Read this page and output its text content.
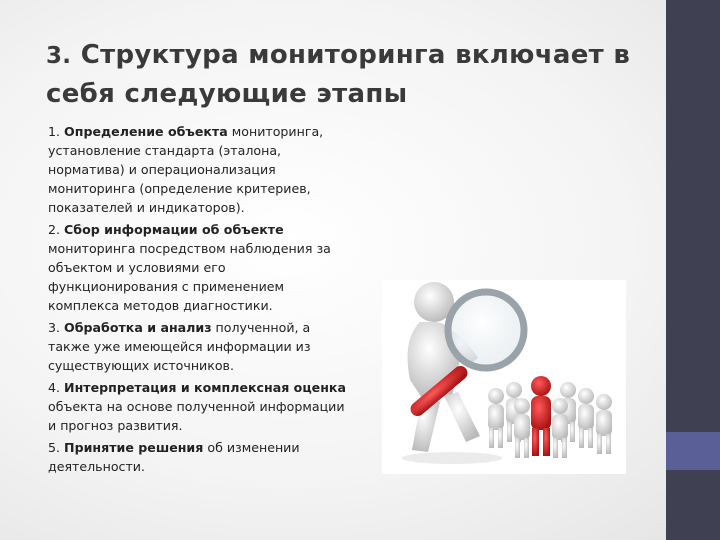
3. Структура мониторинга включает в
себя следующие этапы
1. Определение объекта мониторинга, установление стандарта (эталона, норматива) и операционализация мониторинга (определение критериев, показателей и индикаторов).
2. Сбор информации об объекте мониторинга посредством наблюдения за объектом и условиями его функционирования с применением комплекса методов диагностики.
3. Обработка и анализ полученной, а также уже имеющейся информации из существующих источников.
4. Интерпретация и комплексная оценка объекта на основе полученной информации и прогноз развития.
5. Принятие решения об изменении деятельности.
